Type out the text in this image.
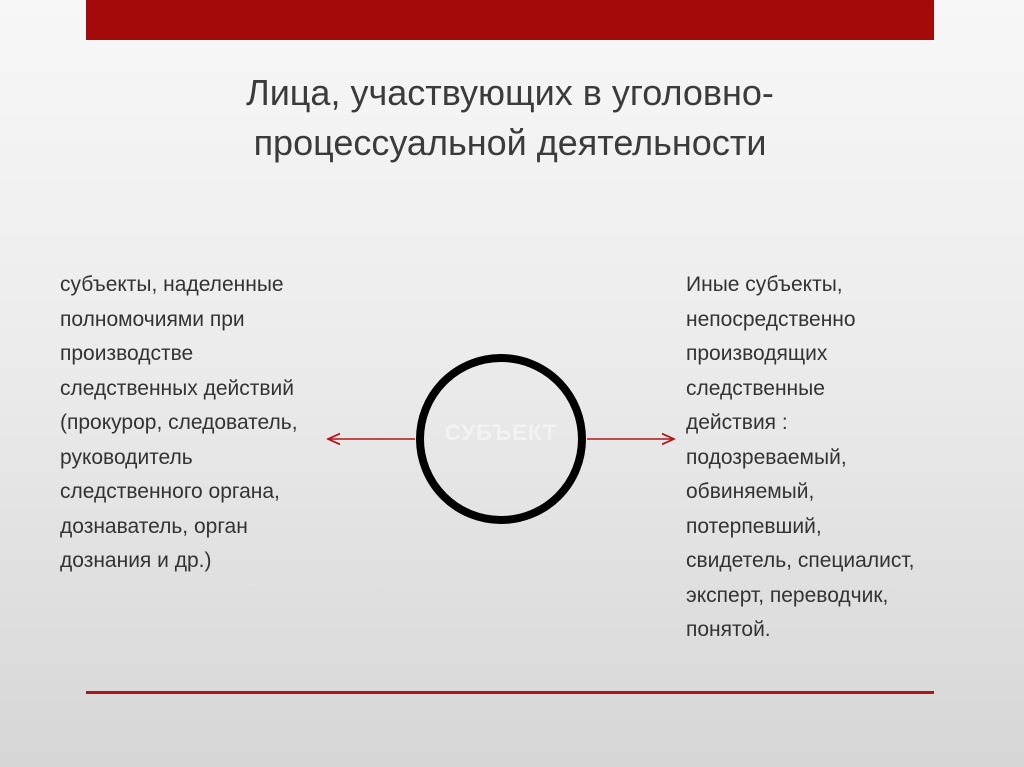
Лица, участвующих в уголовно-
процессуальной деятельности
субъекты, наделенные
полномочиями при
производстве
следственных действий
(прокурор, следователь,
руководитель
следственного органа,
дознаватель, орган
дознания и др.)
Иные субъекты,
непосредственно
производящих
следственные
действия :
подозреваемый,
обвиняемый,
потерпевший,
свидетель, специалист,
эксперт, переводчик,
понятой.
СУБЪЕКТ
